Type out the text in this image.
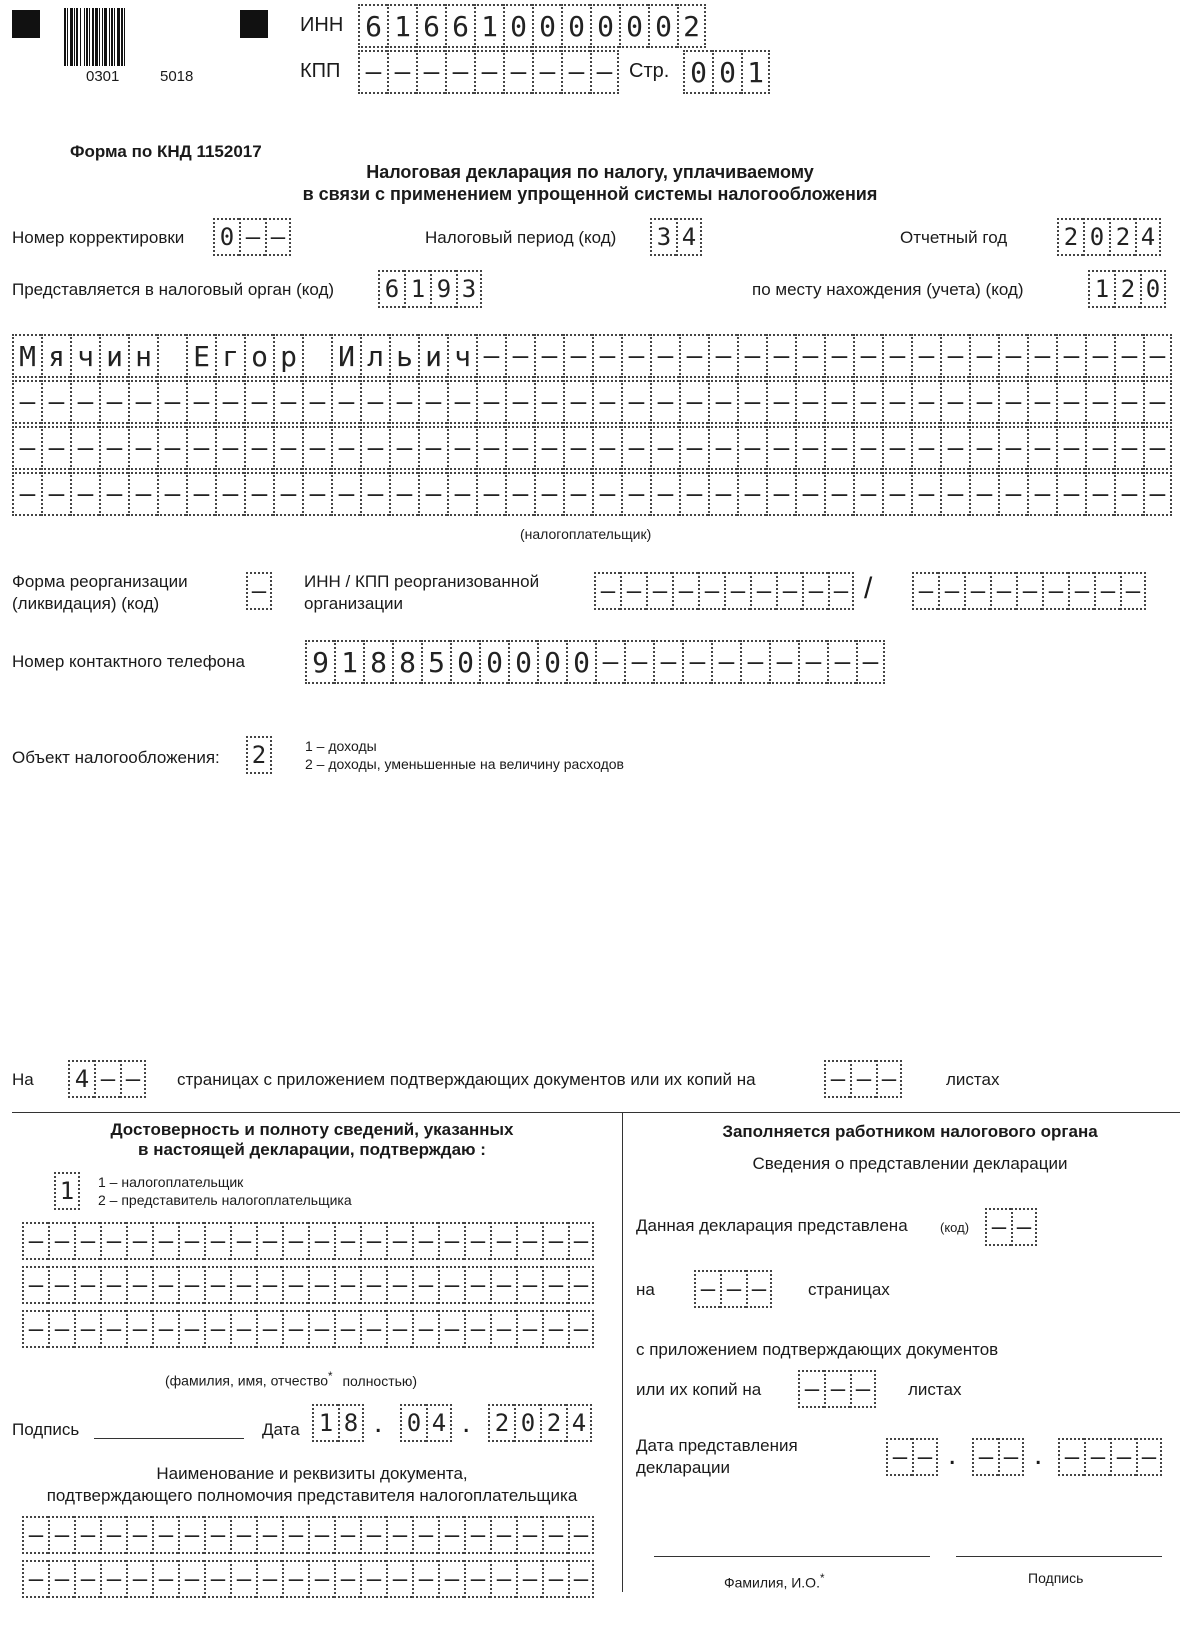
0301	5018
ИНН 6 1 6 6 1 0 0 0 0 0 0 2
КПП – – – – – – – – – Стр. 0 0 1
Форма по КНД 1152017
Налоговая декларация по налогу, уплачиваемому
в связи с применением упрощенной системы налогообложения
Номер корректировки 0 – –	Налоговый период (код) 3 4	Отчетный год 2 0 2 4
Представляется в налоговый орган (код) 6 1 9 3	по месту нахождения (учета) (код)	1 2 0
М я ч и н Е г о р И л ь и ч – – – – – – – – – – – – – – – – – – – – – – – –
– – – – – – – – – – – – – – – – – – – – – – – – – – – – – – – – – – – – – – – –
– – – – – – – – – – – – – – – – – – – – – – – – – – – – – – – – – – – – – – – –
– – – – – – – – – – – – – – – – – – – – – – – – – – – – – – – – – – – – – – – –
(налогоплательщик)
Форма реорганизации
(ликвидация) (код)	–	ИНН / КПП реорганизованной
организации	– – – – – – – – – – / – – – – – – – – –
Номер контактного телефона 9 1 8 8 5 0 0 0 0 0 – – – – – – – – – –
Объект налогообложения: 2	1 – доходы
2 – доходы, уменьшенные на величину расходов
На 4 – –	страницах с приложением подтверждающих документов или их копий на	– – –	листах
Достоверность и полноту сведений, указанных
в настоящей декларации, подтверждаю :
1	1 – налогоплательщик
2 – представитель налогоплательщика
– – – – – – – – – – – – – – – – – – – – – –
– – – – – – – – – – – – – – – – – – – – – –
– – – – – – – – – – – – – – – – – – – – – –
(фамилия, имя, отчество* полностью)
Подпись	Дата 1 8 . 0 4 . 2 0 2 4
Наименование и реквизиты документа,
подтверждающего полномочия представителя налогоплательщика
– – – – – – – – – – – – – – – – – – – – – –
– – – – – – – – – – – – – – – – – – – – – –
Заполняется работником налогового органа
Сведения о представлении декларации
Данная декларация представлена (код) – –
на – – –	страницах
с приложением подтверждающих документов
или их копий на – – –	листах
Дата представления
декларации	– – . – – . – – – –
Фамилия, И.О.*	Подпись
